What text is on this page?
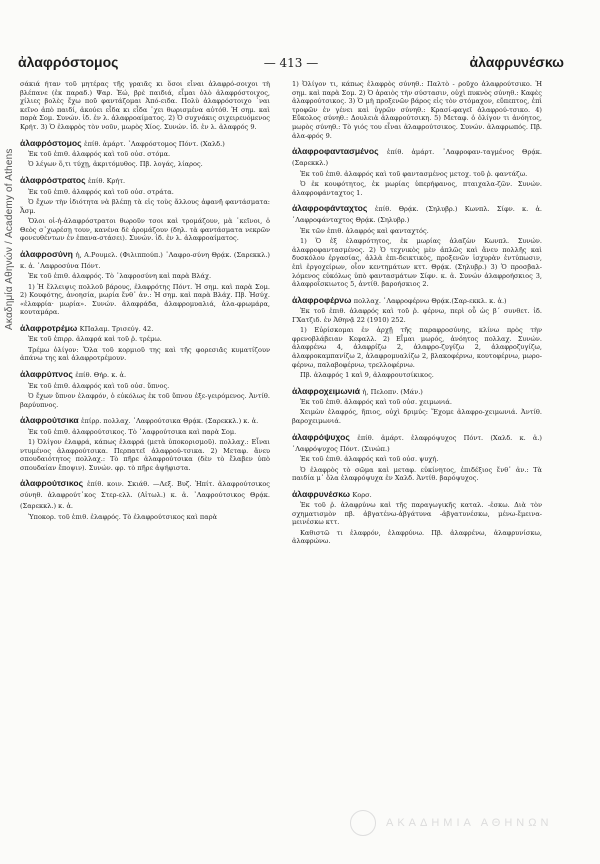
ἀλαφρόστομος	— 413 —	ἀλαφρυνέσκω
Ακαδημία Αθηνών / Academy of Athens

σάκιά ήταν τοῦ μητέρας τῆς γραιᾶς κι ὅσοι εἶναι ἀλαφρό-σοιχοι τὴ βλέπανε (ἐκ παραδ.) Ψαρ. Ἐώ, βρὲ παιδιά, εἶμαι ὁλὸ ἀλαφρόστοιχος, χίλιες βολὲς ἔχω ποῦ φαντάζομαι Ἀπό-ειδα. Πολὺ ἀλαφρόστοιχο ᾽ναι κεῖνο ἀπὸ παιδί, ἀκούει εἶδα κι εἶδα ᾽χει θωρισμένα αὐτόθ. Ἡ σημ. καὶ παρὰ Σομ. Συνών. ἰδ. ἐν λ. ἀλαφροαίματος. 2) Ὁ συχνάκις σιχειρευόμενος Κρήτ. 3) Ὁ ἐλαφρὸς τὸν νοῦν, μωρὸς Χίος. Συνών. ἰδ. ἐν λ. ἀλαφρός 9.

ἀλαφρόστομος ἐπίθ. ἀμάρτ. ᾽Λαφρόστομος Πόντ. (Χαλδ.)

Ἐκ τοῦ ἐπιθ. ἀλαφρός καὶ τοῦ οὐσ. στόμα.

Ὁ λέγων ὅ,τι τύχῃ, ἀκριτόμυθος. Πβ. λογάς, λίαρος.

ἀλαφρόστρατος ἐπίθ. Κρήτ.

Ἐκ τοῦ ἐπιθ. ἀλαφρός καὶ τοῦ οὐσ. στράτα.

Ὁ ἔχων τὴν ἰδιότητα νὰ βλέπῃ τὰ εἰς τοὺς ἄλλους ἀφανῆ φαντάσματα: Ἆσμ.

Ὄλοι οἱ-ἡ-ἀλαφρόστρατοι θωροῦν τσοι καὶ τρομάζουν, μὰ ᾽κεῖνοι, ὁ Θεὸς σ᾽χωρέσῃ τουν, κανένα δὲ ἀρομάζουν (δηλ. τὰ φαντάσματα νεκρῶν φονευθέντων ἐν ἐπανα-στάσει). Συνών. ἰδ. ἐν λ. ἀλαφροαίματος.

ἀλαφροσύνη ἡ, Α.Ρουμελ. (Φιλιππούπ.) ᾽Λαφρο-σύνη Θρᾴκ. (Σαρεκκλ.) κ. ἀ. ᾽Λαφροσύνα Πόντ.

Ἐκ τοῦ ἐπιθ. ἀλαφρός. Τὸ ᾽λαφροσύνη καὶ παρὰ Βλάχ.

1) Ἡ ἔλλειψις πολλοῦ βάρους, ἐλαφρότης Πόντ. Ἡ σημ. καὶ παρὰ Σομ. 2) Κουφότης, ἀνοησία, μωρία ἔνθ᾽ ἀν.: Ἡ σημ. καὶ παρὰ Βλάχ. Πβ. Ἡσύχ. «ἐλαφρία· μωρία». Συνών. ἀλαφράδα, ἀλαφρομυαλιά, ἀλα-φρωμάρα, κουταμάρα.

ἀλαφροτρέμω ΚΠαλαμ. Τρισεύγ. 42.

Ἐκ τοῦ ἐπιρρ. ἀλαφρά καὶ τοῦ ῥ. τρέμω.

Τρέμω ὀλίγον: Ὅλα τοῦ κορμιοῦ της καὶ τῆς φορεσιᾶς κυματίζουν ἀπάνω της καὶ ἀλαφροτρέμουν.

ἀλαφρύπνος ἐπίθ. Θήρ. κ. ἀ.

Ἐκ τοῦ ἐπιθ. ἀλαφρός καὶ τοῦ οὐσ. ὕπνος.

Ὁ ἔχων ὕπνον ἐλαφρόν, ὁ εὐκόλως ἐκ τοῦ ὕπνου ἐξε-γειρόμενος. Ἀντίθ. βαρύυπνος.

ἀλαφρούτσικα ἐπίρρ. πολλαχ. ᾽Λαφρούτσικα Θρᾴκ. (Σαρεκκλ.) κ. ἀ.

Ἐκ τοῦ ἐπιθ. ἀλαφρούτσικος. Τὸ ᾽λαφρούτσικα καὶ παρὰ Σομ.

1) Ὀλίγον ἐλαφρά, κάπως ἐλαφρά (μετὰ ὑποκορισμοῦ). πολλαχ.: Εἶναι ντυμένος ἀλαφρούτσικα. Περπατεῖ ἀλαφρού-τσικα. 2) Μεταφ. ἄνευ σπουδαιότητος πολλαχ.: Τὸ πῆρε ἀλαφρούτσικα (δὲν τὸ ἔλαβεν ὑπὸ σπουδαίαν ἔποψιν). Συνών. φρ. τὸ πῆρε ἀψήφιστα.

ἀλαφρούτσικος ἐπίθ. κοιν. Σκιάθ. —Λεξ. Βυζ. Ἠπίτ. ἀλαφρούτσικος σύνηθ. ἀλαφρούτ᾽κος Στερ-ελλ. (Αἰτωλ.) κ. ἀ. ᾽Λαφρούτσικος Θρᾴκ. (Σαρεκκλ.) κ. ἀ.

Ὑποκορ. τοῦ ἐπιθ. ἐλαφρός. Τὸ ἐλαφρούτσικος καὶ παρὰ

1) Ὀλίγον τι, κάπως ἐλαφρὸς σύνηθ.: Παλτὸ - ροῦχο ἀλαφρούτσικο. Ἡ σημ. καὶ παρὰ Σομ. 2) Ὁ ἀραιὸς τὴν σύστασιν, οὐχὶ πυκνὸς σύνηθ.: Καφὲς ἀλαφρούτσικος. 3) Ὁ μὴ προξενῶν βάρος εἰς τὸν στόμαχον, εὔπεπτος, ἐπὶ τροφῶν ἐν γένει καὶ ὑγρῶν σύνηθ.: Κρασί-φαγεῖ ἀλαφρού-τσικο. 4) Εὔκολος σύνηθ.: Δουλειὰ ἀλαφρούτσικη. 5) Μεταφ. ὁ ὀλίγον τι ἀνόητος, μωρὸς σύνηθ.: Τὸ γιός του εἶναι ἀλαφρούτσικος. Συνών. ἀλαφρωπός. Πβ. ἀλα-φρός 9.

ἀλαφροφαντασμένος ἐπίθ. ἀμάρτ. ᾽Λαφροφαν-ταγμένος Θρᾴκ. (Σαρεκκλ.)

Ἐκ τοῦ ἐπιθ. ἀλαφρός καὶ τοῦ φαντασμένος μετοχ. τοῦ ῥ. φαντάζω.

Ὁ ἐκ κουφότητος, ἐκ μωρίας ὑπερήφανος, πταιχαλα-ζῶν. Συνών. ἀλαφροφάνταχτος 1.

ἀλαφροφάνταχτος ἐπίθ. Θρᾴκ. (Σηλυβρ.) Κωνπλ. Σίφν. κ. ἀ. ᾽Λαφροφάνταχτος Θρᾴκ. (Σηλυβρ.)

Ἐκ τῶν ἐπιθ. ἀλαφρός καὶ φανταχτός.

1) Ὁ ἐξ ἐλαφρότητος, ἐκ μωρίας ἀλαζὼν Κωνπλ. Συνών. ἀλαφροφαντασμένος. 2) Ὁ τεχνικὸς μὲν ἁπλῶς καὶ ἄνευ πολλῆς καὶ δυσκόλου ἐργασίας, ἀλλὰ ἐπι-δεικτικὸς, προξενῶν ἰσχυρὰν ἐντύπωσιν, ἐπὶ ἐργοχείρων, οἷον κεντημάτων κττ. Θρᾴκ. (Σηλυβρ.) 3) Ὁ προσβαλ-λόμενος εὐκόλως ὑπὸ φαντασμάτων Σίφν. κ. ἀ. Συνών ἀλαφροήσκιος 3, ἀλαφροΐσκιωτος 5, ἀντίθ. βαροήσκιος 2.

ἀλαφροφέρνω πολλαχ. ᾽Λαφροφέρνω Θρᾴκ.(Σαρ-εκκλ. κ. ἀ.)

Ἐκ τοῦ ἐπιθ. ἀλαφρός καὶ τοῦ ῥ. φέρνω, περὶ οὗ ὡς β´ συνθετ. ἰδ. ΓΧατζιδ. ἐν Ἀθηνᾷ 22 (1910) 252.

1) Εὐρίσκομαι ἐν ἀρχῇ τῆς παραφροσύνης, κλίνω πρὸς τὴν φρενοβλάβειαν Κεφαλλ. 2) Εἶμαι μωρός, ἀνόητος πολλαχ. Συνών. ἀλαφρένω 4, ἀλαφρίζω 2, ἀλαφρο-ζυγίζω 2, ἀλαφροζυγίζω, ἀλαφροκαμπανίζω 2, ἀλαφρομυαλίζω 2, βλακοφέρνω, κουτοφέρνω, μωρο-φέρνω, παλαβοφέρνω, τρελλοφέρνω.

Πβ. ἀλαφρός 1 καὶ 9, ἀλαφρουτσίκικος.

ἀλαφροχειμωνιά ἡ, Πελοπν. (Μάν.)

Ἐκ τοῦ ἐπιθ. ἀλαφρός καὶ τοῦ οὐσ. χειμωνιά.

Χειμὼν ἐλαφρός, ἤπιος, οὐχὶ δριμύς: Ἔχομε ἀλαφρο-χειμωνιά. Ἀντίθ. βαροχειμωνιά.

ἀλαφρόψυχος ἐπίθ. ἀμάρτ. ἐλαφρόψυχος Πόντ. (Χαλδ. κ. ἀ.) ᾽Λαφρόψυχος Πόντ. (Σινώπ.)

Ἐκ τοῦ ἐπιθ. ἀλαφρός καὶ τοῦ οὐσ. ψυχή.

Ὁ ἐλαφρὸς τὸ σῶμα καὶ μεταφ. εὐκίνητος, ἐπιδέξιος ἔνθ᾽ ἀν.: Τὰ παιδία μ᾽ ὅλα ἐλαφρόψυχα ἐν Χαλδ. Ἀντίθ. βαρόψυχος.

ἀλαφρυνέσκω Κορσ.

Ἐκ τοῦ ῥ. ἀλαφρύνω καὶ τῆς παραγωγικῆς καταλ. -ἐσκω. Διὰ τὸν σχηματισμὸν πβ. ἀβγατένω-ἀβγάτυνα -ἀβγατυνέσκω, μένω-ἔμεινα-μεινέσκω κττ.

Καθιστῶ τι ἐλαφρόν, ἐλαφρύνω. Πβ. ἀλαφρένω, ἀλαφρυνίσκω, ἀλαφρώνω.

ΑΚΑΔΗΜΙΑ ΑΘΗΝΩΝ
